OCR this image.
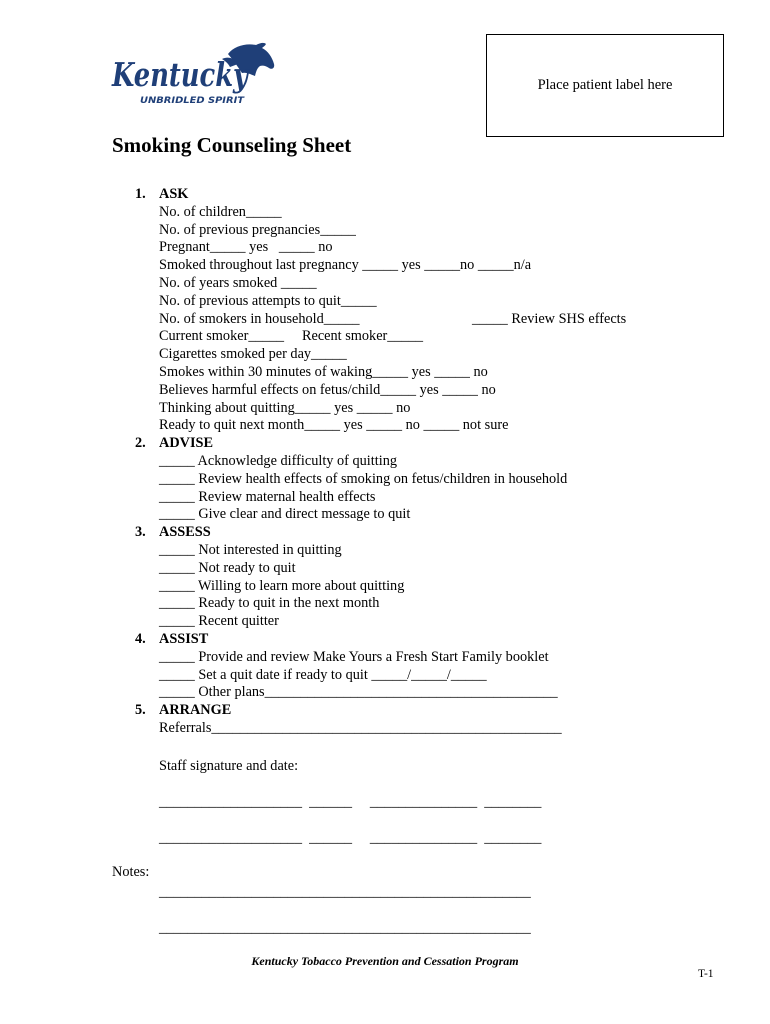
Kentucky
UNBRIDLED SPIRIT
Place patient label here
Smoking Counseling Sheet
1. ASK
No. of children_____
No. of previous pregnancies_____
Pregnant_____ yes   _____ no
Smoked throughout last pregnancy _____ yes _____no _____n/a
No. of years smoked _____
No. of previous attempts to quit_____
No. of smokers in household_____	_____ Review SHS effects
Current smoker_____     Recent smoker_____
Cigarettes smoked per day_____
Smokes within 30 minutes of waking_____ yes _____ no
Believes harmful effects on fetus/child_____ yes _____ no
Thinking about quitting_____ yes _____ no
Ready to quit next month_____ yes _____ no _____ not sure
2. ADVISE
_____ Acknowledge difficulty of quitting
_____ Review health effects of smoking on fetus/children in household
_____ Review maternal health effects
_____ Give clear and direct message to quit
3. ASSESS
_____ Not interested in quitting
_____ Not ready to quit
_____ Willing to learn more about quitting
_____ Ready to quit in the next month
_____ Recent quitter
4. ASSIST
_____ Provide and review Make Yours a Fresh Start Family booklet
_____ Set a quit date if ready to quit _____/_____/_____
_____ Other plans_________________________________________
5. ARRANGE
Referrals_________________________________________________
Staff signature and date:
____________________  ______     _______________  ________
____________________  ______     _______________  ________
Notes:
____________________________________________________
____________________________________________________
Kentucky Tobacco Prevention and Cessation Program
T-1
